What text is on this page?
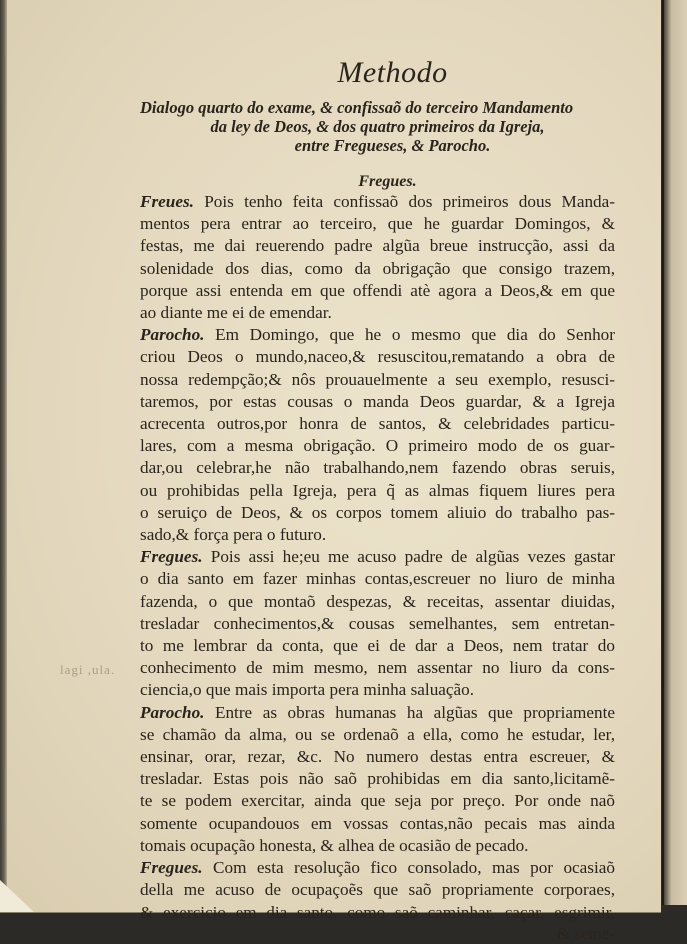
lagi ,ula.
Methodo
Dialogo quarto do exame, & confissaõ do terceiro Mandamento
da ley de Deos, & dos quatro primeiros da Igreja,
entre Fregueses, & Parocho.
Fregues.
Freues. Pois tenho feita confissaõ dos primeiros dous Manda-
mentos pera entrar ao terceiro, que he guardar Domingos, &
festas, me dai reuerendo padre algũa breue instrucção, assi da
solenidade dos dias, como da obrigação que consigo trazem,
porque assi entenda em que offendi atè agora a Deos,& em que
ao diante me ei de emendar.
Parocho. Em Domingo, que he o mesmo que dia do Senhor
criou Deos o mundo,naceo,& resuscitou,rematando a obra de
nossa redempção;& nôs prouauelmente a seu exemplo, resusci-
taremos, por estas cousas o manda Deos guardar, & a Igreja
acrecenta outros,por honra de santos, & celebridades particu-
lares, com a mesma obrigação. O primeiro modo de os guar-
dar,ou celebrar,he não trabalhando,nem fazendo obras seruis,
ou prohibidas pella Igreja, pera q̃ as almas fiquem liures pera
o seruiço de Deos, & os corpos tomem aliuio do trabalho pas-
sado,& força pera o futuro.
Fregues. Pois assi he;eu me acuso padre de algũas vezes gastar
o dia santo em fazer minhas contas,escreuer no liuro de minha
fazenda, o que montaõ despezas, & receitas, assentar diuidas,
tresladar conhecimentos,& cousas semelhantes, sem entretan-
to me lembrar da conta, que ei de dar a Deos, nem tratar do
conhecimento de mim mesmo, nem assentar no liuro da cons-
ciencia,o que mais importa pera minha saluação.
Parocho. Entre as obras humanas ha algũas que propriamente
se chamão da alma, ou se ordenaõ a ella, como he estudar, ler,
ensinar, orar, rezar, &c. No numero destas entra escreuer, &
tresladar. Estas pois não saõ prohibidas em dia santo,licitamẽ-
te se podem exercitar, ainda que seja por preço. Por onde naõ
somente ocupandouos em vossas contas,não pecais mas ainda
tomais ocupação honesta, & alhea de ocasião de pecado.
Fregues. Com esta resolução fico consolado, mas por ocasiaõ
della me acuso de ocupaçoẽs que saõ propriamente corporaes,
& exercicio em dia santo, como saõ caminhar, caçar, esgrimir,
& seme-
